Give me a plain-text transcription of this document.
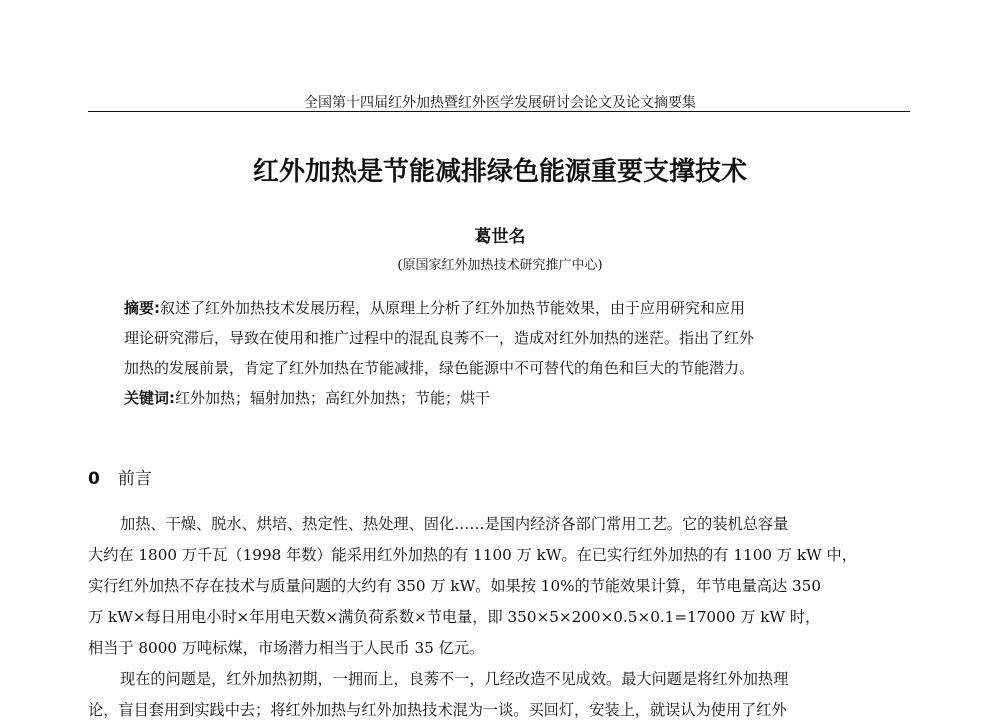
全国第十四届红外加热暨红外医学发展研讨会论文及论文摘要集
红外加热是节能减排绿色能源重要支撑技术
葛世名
(原国家红外加热技术研究推广中心)
摘要:叙述了红外加热技术发展历程，从原理上分析了红外加热节能效果，由于应用研究和应用
理论研究滞后，导致在使用和推广过程中的混乱良莠不一，造成对红外加热的迷茫。指出了红外
加热的发展前景，肯定了红外加热在节能减排，绿色能源中不可替代的角色和巨大的节能潜力。
关键词:红外加热；辐射加热；高红外加热；节能；烘干
0 前言
加热、干燥、脱水、烘培、热定性、热处理、固化……是国内经济各部门常用工艺。它的装机总容量
大约在 1800 万千瓦（1998 年数）能采用红外加热的有 1100 万 kW。在已实行红外加热的有 1100 万 kW 中，
实行红外加热不存在技术与质量问题的大约有 350 万 kW。如果按 10%的节能效果计算，年节电量高达 350
万 kW×每日用电小时×年用电天数×满负荷系数×节电量，即 350×5×200×0.5×0.1=17000 万 kW 时，
相当于 8000 万吨标煤，市场潜力相当于人民币 35 亿元。
现在的问题是，红外加热初期，一拥而上，良莠不一，几经改造不见成效。最大问题是将红外加热理
论，盲目套用到实践中去；将红外加热与红外加热技术混为一谈。买回灯，安装上，就误认为使用了红外
